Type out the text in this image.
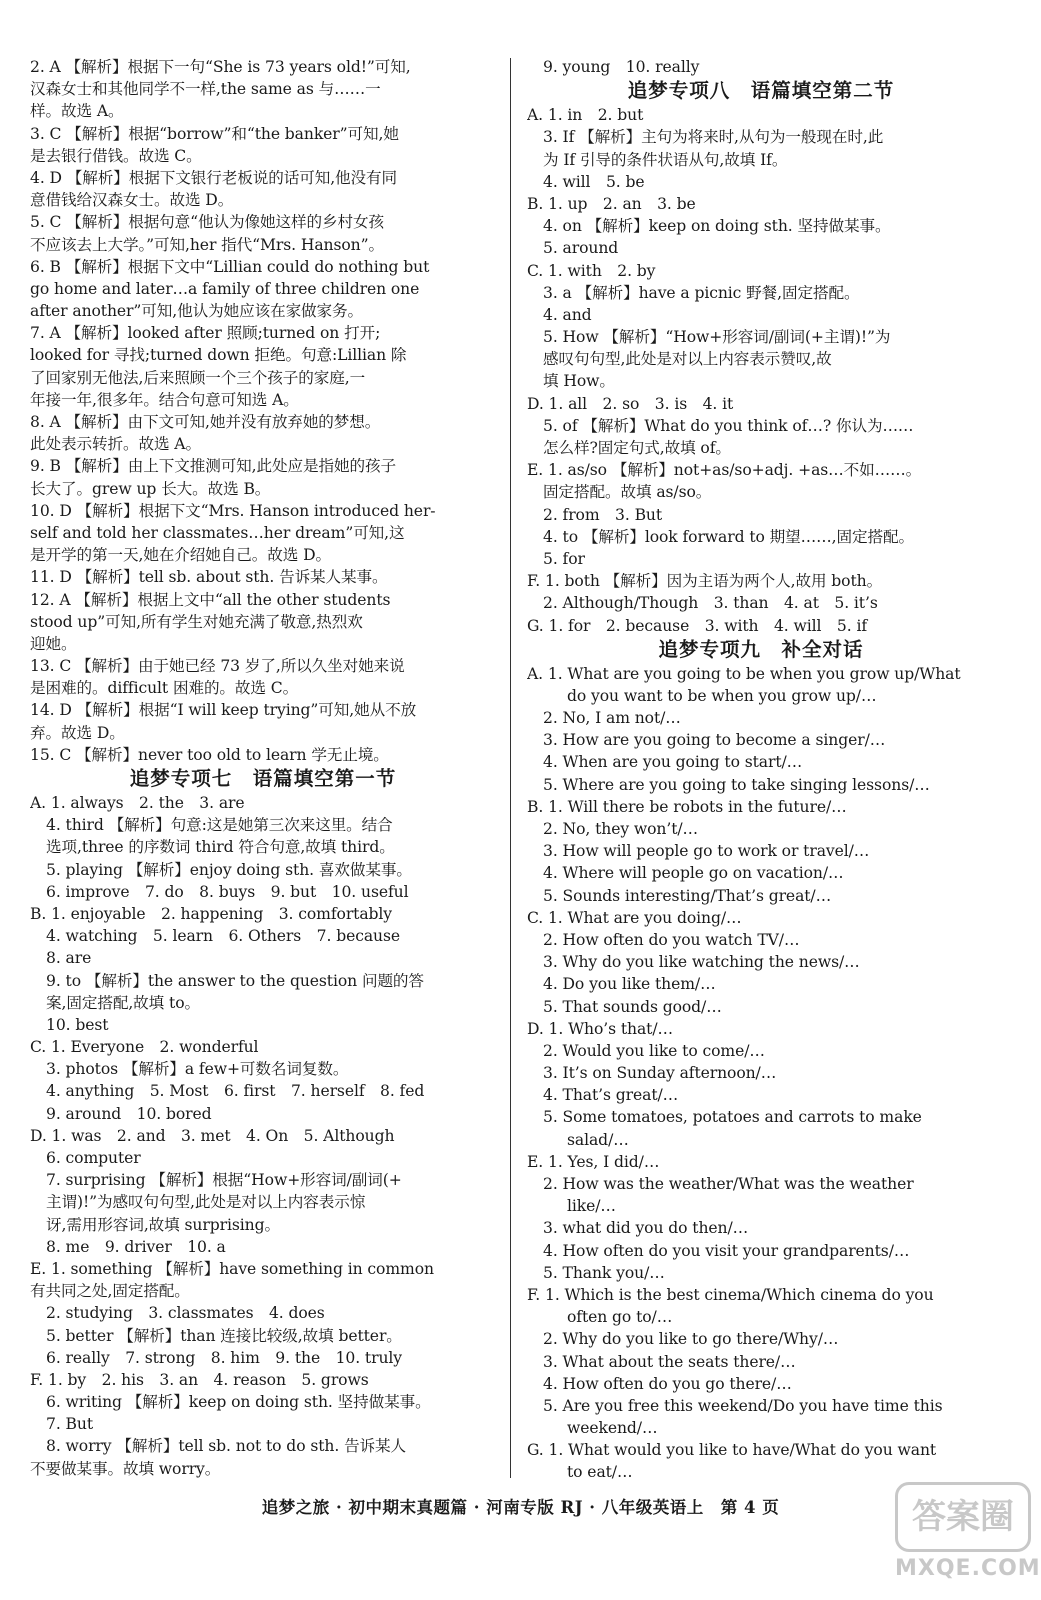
2. A 【解析】根据下一句“She is 73 years old!”可知,
汉森女士和其他同学不一样,the same as 与……一
样。故选 A。
3. C 【解析】根据“borrow”和“the banker”可知,她
是去银行借钱。故选 C。
4. D 【解析】根据下文银行老板说的话可知,他没有同
意借钱给汉森女士。故选 D。
5. C 【解析】根据句意“他认为像她这样的乡村女孩
不应该去上大学。”可知,her 指代“Mrs. Hanson”。
6. B 【解析】根据下文中“Lillian could do nothing but
go home and later…a family of three children one
after another”可知,他认为她应该在家做家务。
7. A 【解析】looked after 照顾;turned on 打开;
looked for 寻找;turned down 拒绝。句意:Lillian 除
了回家别无他法,后来照顾一个三个孩子的家庭,一
年接一年,很多年。结合句意可知选 A。
8. A 【解析】由下文可知,她并没有放弃她的梦想。
此处表示转折。故选 A。
9. B 【解析】由上下文推测可知,此处应是指她的孩子
长大了。grew up 长大。故选 B。
10. D 【解析】根据下文“Mrs. Hanson introduced her-
self and told her classmates…her dream”可知,这
是开学的第一天,她在介绍她自己。故选 D。
11. D 【解析】tell sb. about sth. 告诉某人某事。
12. A 【解析】根据上文中“all the other students
stood up”可知,所有学生对她充满了敬意,热烈欢
迎她。
13. C 【解析】由于她已经 73 岁了,所以久坐对她来说
是困难的。difficult 困难的。故选 C。
14. D 【解析】根据“I will keep trying”可知,她从不放
弃。故选 D。
15. C 【解析】never too old to learn 学无止境。
追梦专项七　语篇填空第一节
A. 1. always　2. the　3. are
4. third 【解析】句意:这是她第三次来这里。结合
选项,three 的序数词 third 符合句意,故填 third。
5. playing 【解析】enjoy doing sth. 喜欢做某事。
6. improve　7. do　8. buys　9. but　10. useful
B. 1. enjoyable　2. happening　3. comfortably
4. watching　5. learn　6. Others　7. because
8. are
9. to 【解析】the answer to the question 问题的答
案,固定搭配,故填 to。
10. best
C. 1. Everyone　2. wonderful
3. photos 【解析】a few+可数名词复数。
4. anything　5. Most　6. first　7. herself　8. fed
9. around　10. bored
D. 1. was　2. and　3. met　4. On　5. Although
6. computer
7. surprising 【解析】根据“How+形容词/副词(+
主谓)!”为感叹句句型,此处是对以上内容表示惊
讶,需用形容词,故填 surprising。
8. me　9. driver　10. a
E. 1. something 【解析】have something in common
有共同之处,固定搭配。
2. studying　3. classmates　4. does
5. better 【解析】than 连接比较级,故填 better。
6. really　7. strong　8. him　9. the　10. truly
F. 1. by　2. his　3. an　4. reason　5. grows
6. writing 【解析】keep on doing sth. 坚持做某事。
7. But
8. worry 【解析】tell sb. not to do sth. 告诉某人
不要做某事。故填 worry。
9. young　10. really
追梦专项八　语篇填空第二节
A. 1. in　2. but
3. If 【解析】主句为将来时,从句为一般现在时,此
为 If 引导的条件状语从句,故填 If。
4. will　5. be
B. 1. up　2. an　3. be
4. on 【解析】keep on doing sth. 坚持做某事。
5. around
C. 1. with　2. by
3. a 【解析】have a picnic 野餐,固定搭配。
4. and
5. How 【解析】“How+形容词/副词(+主谓)!”为
感叹句句型,此处是对以上内容表示赞叹,故
填 How。
D. 1. all　2. so　3. is　4. it
5. of 【解析】What do you think of…? 你认为……
怎么样?固定句式,故填 of。
E. 1. as/so 【解析】not+as/so+adj. +as…不如……。
固定搭配。故填 as/so。
2. from　3. But
4. to 【解析】look forward to 期望……,固定搭配。
5. for
F. 1. both 【解析】因为主语为两个人,故用 both。
2. Although/Though　3. than　4. at　5. it’s
G. 1. for　2. because　3. with　4. will　5. if
追梦专项九　补全对话
A. 1. What are you going to be when you grow up/What
do you want to be when you grow up/…
2. No, I am not/…
3. How are you going to become a singer/…
4. When are you going to start/…
5. Where are you going to take singing lessons/…
B. 1. Will there be robots in the future/…
2. No, they won’t/…
3. How will people go to work or travel/…
4. Where will people go on vacation/…
5. Sounds interesting/That’s great/…
C. 1. What are you doing/…
2. How often do you watch TV/…
3. Why do you like watching the news/…
4. Do you like them/…
5. That sounds good/…
D. 1. Who’s that/…
2. Would you like to come/…
3. It’s on Sunday afternoon/…
4. That’s great/…
5. Some tomatoes, potatoes and carrots to make
salad/…
E. 1. Yes, I did/…
2. How was the weather/What was the weather
like/…
3. what did you do then/…
4. How often do you visit your grandparents/…
5. Thank you/…
F. 1. Which is the best cinema/Which cinema do you
often go to/…
2. Why do you like to go there/Why/…
3. What about the seats there/…
4. How often do you go there/…
5. Are you free this weekend/Do you have time this
weekend/…
G. 1. What would you like to have/What do you want
to eat/…
追梦之旅 · 初中期末真题篇 · 河南专版 RJ · 八年级英语上　第 4 页	答案圈
MXQE.COM
